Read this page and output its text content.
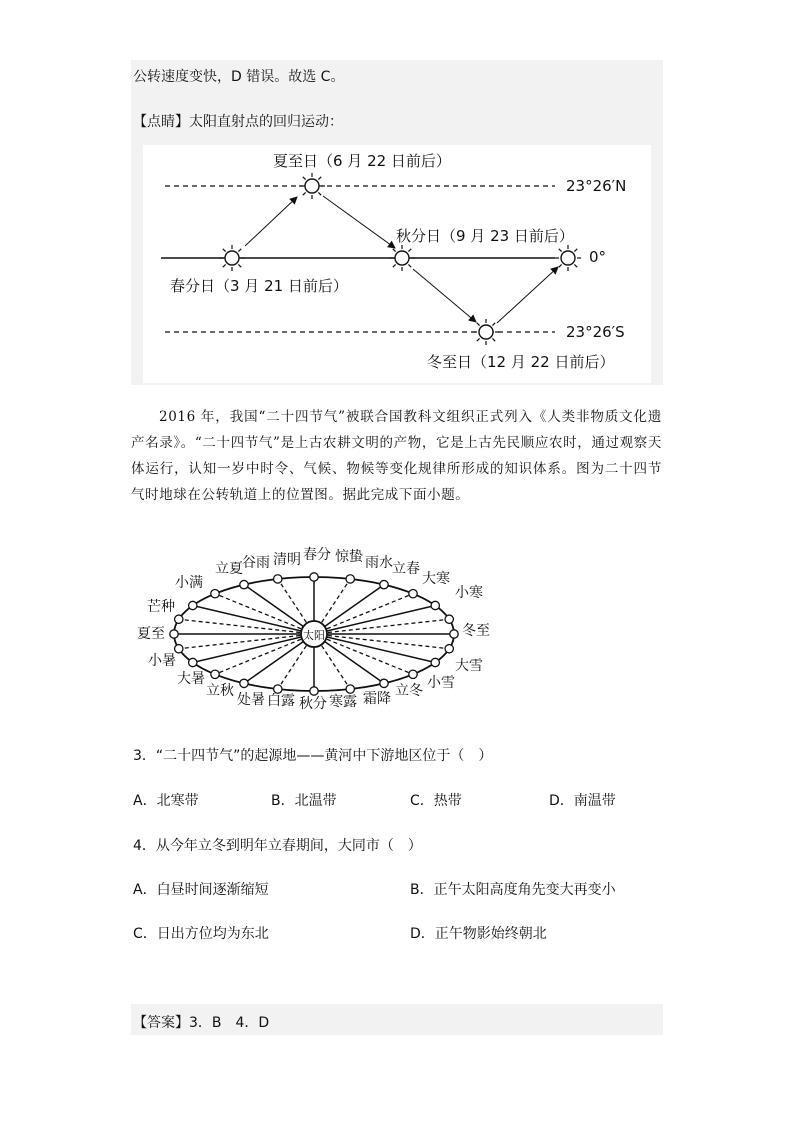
公转速度变快，D 错误。故选 C。
【点睛】太阳直射点的回归运动：
夏至日（6 月 22 日前后）
秋分日（9 月 23 日前后）
春分日（3 月 21 日前后）
冬至日（12 月 22 日前后）
23°26′N
0°
23°26′S
2016 年，我国“二十四节气”被联合国教科文组织正式列入《人类非物质文化遗产名录》。“二十四节气”是上古农耕文明的产物，它是上古先民顺应农时，通过观察天体运行，认知一岁中时令、气候、物候等变化规律所形成的知识体系。图为二十四节气时地球在公转轨道上的位置图。据此完成下面小题。
太阳	冬至
小寒
大寒
立春
雨水
惊蛰
春分
清明
谷雨
立夏
小满
芒种
夏至
小暑
大暑
立秋
处暑 白露 秋分 寒露 霜降 立冬 小雪
大雪
3．“二十四节气”的起源地——黄河中下游地区位于（　）
A．北寒带	B．北温带	C．热带	D．南温带
4．从今年立冬到明年立春期间，大同市（　）
A．白昼时间逐渐缩短	B．正午太阳高度角先变大再变小
C．日出方位均为东北	D．正午物影始终朝北
【答案】3．B　4．D
